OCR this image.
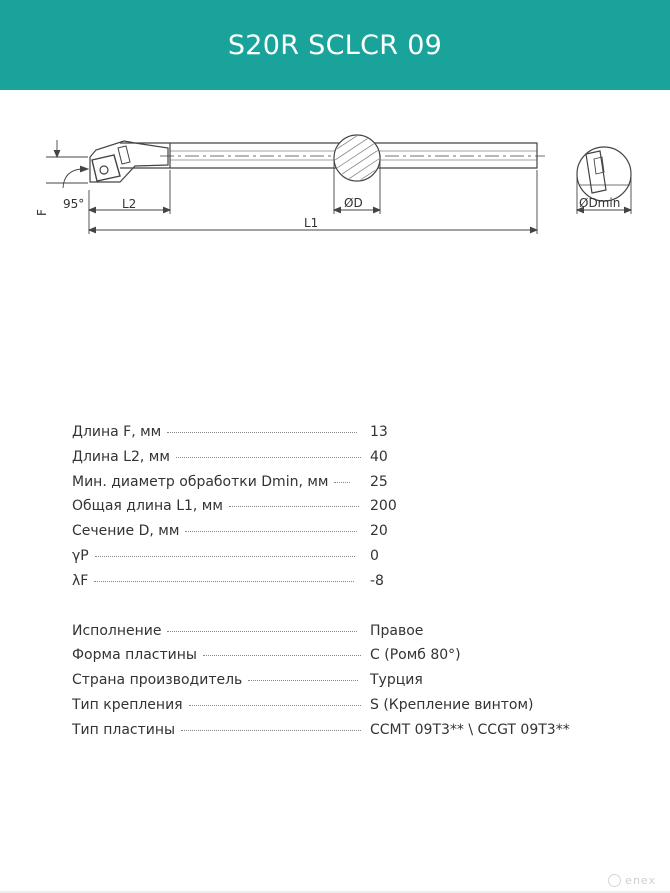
S20R SCLCR 09
95°
F
L2	ØD
L1
ØDmin
Длина F, мм	13
Длина L2, мм	40
Мин. диаметр обработки Dmin, мм	25
Общая длина L1, мм	200
Сечение D, мм	20
γP	0
λF	-8
Исполнение	Правое
Форма пластины	C (Ромб 80°)
Страна производитель	Турция
Тип крепления	S (Крепление винтом)
Тип пластины	CCMT 09T3** \ CCGT 09T3**
enex
